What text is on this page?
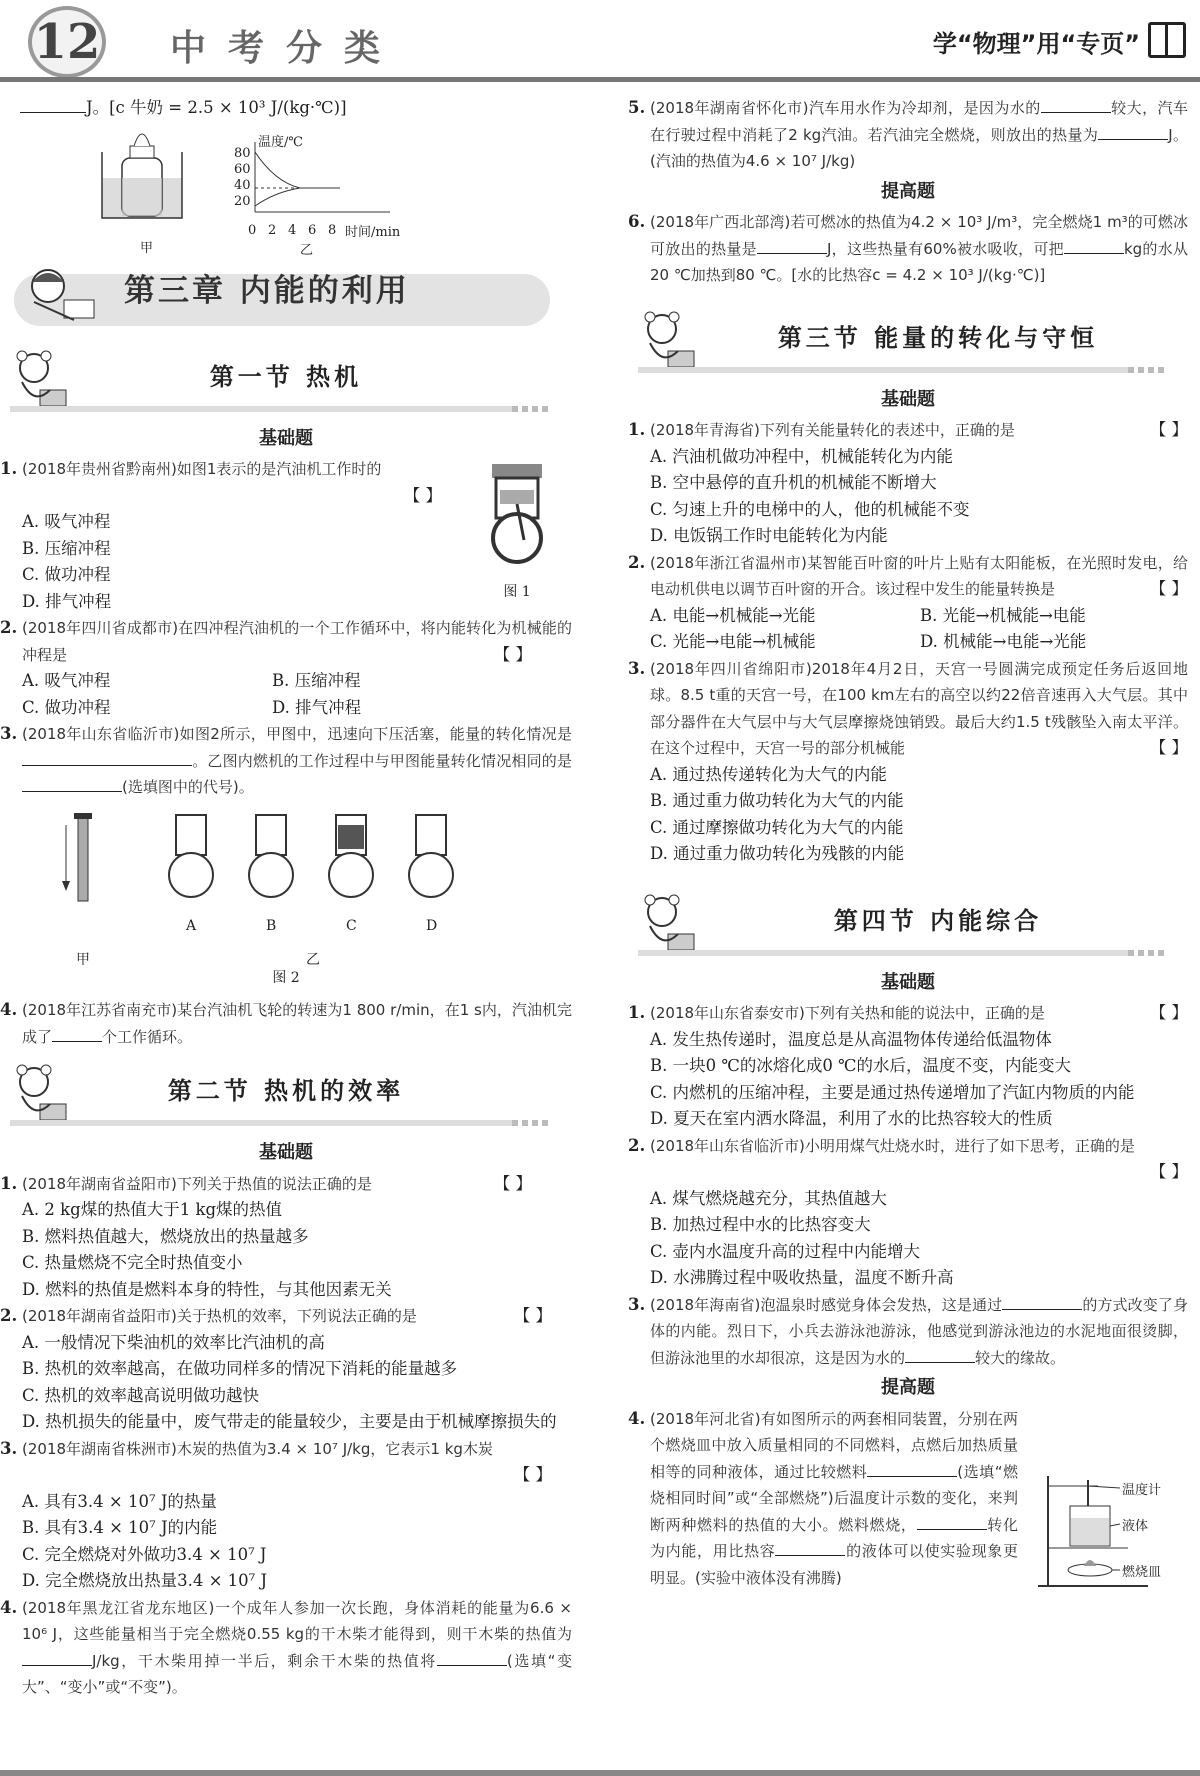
12 中考分类	学“物理”用“专页”
J。[c 牛奶 = 2.5 × 10³ J/(kg·℃)]
甲	乙
温度/℃
时间/min
80
60
40
20
0 2 4 6 8
第三章 内能的利用
第一节 热机
基础题
1. (2018年贵州省黔南州)如图1表示的是汽油机工作时的
【 】
A. 吸气冲程
B. 压缩冲程
C. 做功冲程
D. 排气冲程	图 1
2. (2018年四川省成都市)在四冲程汽油机的一个工作循环中，将内能转化为机械能的冲程是	【 】
A. 吸气冲程	B. 压缩冲程
C. 做功冲程	D. 排气冲程
3. (2018年山东省临沂市)如图2所示，甲图中，迅速向下压活塞，能量的转化情况是。乙图内燃机的工作过程中与甲图能量转化情况相同的是(选填图中的代号)。
甲
A	B	C	D
乙
图 2
4. (2018年江苏省南充市)某台汽油机飞轮的转速为1 800 r/min，在1 s内，汽油机完成了	个工作循环。
第二节 热机的效率
基础题
1. (2018年湖南省益阳市)下列关于热值的说法正确的是	【 】
A. 2 kg煤的热值大于1 kg煤的热值
B. 燃料热值越大，燃烧放出的热量越多
C. 热量燃烧不完全时热值变小
D. 燃料的热值是燃料本身的特性，与其他因素无关
2. (2018年湖南省益阳市)关于热机的效率，下列说法正确的是	【 】
A. 一般情况下柴油机的效率比汽油机的高
B. 热机的效率越高，在做功同样多的情况下消耗的能量越多
C. 热机的效率越高说明做功越快
D. 热机损失的能量中，废气带走的能量较少，主要是由于机械摩擦损失的
3. (2018年湖南省株洲市)木炭的热值为3.4 × 10⁷ J/kg，它表示1 kg木炭
【 】
A. 具有3.4 × 10⁷ J的热量
B. 具有3.4 × 10⁷ J的内能
C. 完全燃烧对外做功3.4 × 10⁷ J
D. 完全燃烧放出热量3.4 × 10⁷ J
4. (2018年黑龙江省龙东地区)一个成年人参加一次长跑，身体消耗的能量为6.6 × 10⁶ J，这些能量相当于完全燃烧0.55 kg的干木柴才能得到，则干木柴的热值为J/kg，干木柴用掉一半后，剩余干木柴的热值将	(选填“变大”、“变小”或“不变”)。
5. (2018年湖南省怀化市)汽车用水作为冷却剂，是因为水的	较大，汽车在行驶过程中消耗了2 kg汽油。若汽油完全燃烧，则放出的热量为	J。(汽油的热值为4.6 × 10⁷ J/kg)
提高题
6. (2018年广西北部湾)若可燃冰的热值为4.2 × 10³ J/m³，完全燃烧1 m³的可燃冰可放出的热量是	J，这些热量有60%被水吸收，可把	kg的水从20 ℃加热到80 ℃。[水的比热容c = 4.2 × 10³ J/(kg·℃)]
第三节 能量的转化与守恒
基础题
1. (2018年青海省)下列有关能量转化的表述中，正确的是	【 】
A. 汽油机做功冲程中，机械能转化为内能
B. 空中悬停的直升机的机械能不断增大
C. 匀速上升的电梯中的人，他的机械能不变
D. 电饭锅工作时电能转化为内能
2. (2018年浙江省温州市)某智能百叶窗的叶片上贴有太阳能板，在光照时发电，给电动机供电以调节百叶窗的开合。该过程中发生的能量转换是	【 】
A. 电能→机械能→光能	B. 光能→机械能→电能
C. 光能→电能→机械能	D. 机械能→电能→光能
3. (2018年四川省绵阳市)2018年4月2日，天宫一号圆满完成预定任务后返回地球。8.5 t重的天宫一号，在100 km左右的高空以约22倍音速再入大气层。其中部分器件在大气层中与大气层摩擦烧蚀销毁。最后大约1.5 t残骸坠入南太平洋。在这个过程中，天宫一号的部分机械能	【 】
A. 通过热传递转化为大气的内能
B. 通过重力做功转化为大气的内能
C. 通过摩擦做功转化为大气的内能
D. 通过重力做功转化为残骸的内能
第四节 内能综合
基础题
1. (2018年山东省泰安市)下列有关热和能的说法中，正确的是	【 】
A. 发生热传递时，温度总是从高温物体传递给低温物体
B. 一块0 ℃的冰熔化成0 ℃的水后，温度不变，内能变大
C. 内燃机的压缩冲程，主要是通过热传递增加了汽缸内物质的内能
D. 夏天在室内洒水降温，利用了水的比热容较大的性质
2. (2018年山东省临沂市)小明用煤气灶烧水时，进行了如下思考，正确的是
【 】
A. 煤气燃烧越充分，其热值越大
B. 加热过程中水的比热容变大
C. 壶内水温度升高的过程中内能增大
D. 水沸腾过程中吸收热量，温度不断升高
3. (2018年海南省)泡温泉时感觉身体会发热，这是通过	的方式改变了身体的内能。烈日下，小兵去游泳池游泳，他感觉到游泳池边的水泥地面很烫脚，但游泳池里的水却很凉，这是因为水的	较大的缘故。
提高题
4. (2018年河北省)有如图所示的两套相同装置，分别在两个燃烧皿中放入质量相同的不同燃料，点燃后加热质量相等的同种液体，通过比较燃料	(选填“燃烧相同时间”或“全部燃烧”)后温度计示数的变化，来判断两种燃料的热值的大小。燃料燃烧，	转化为内能，用比热容	的液体可以使实验现象更明显。(实验中液体没有沸腾)
温度计
液体
燃烧皿
